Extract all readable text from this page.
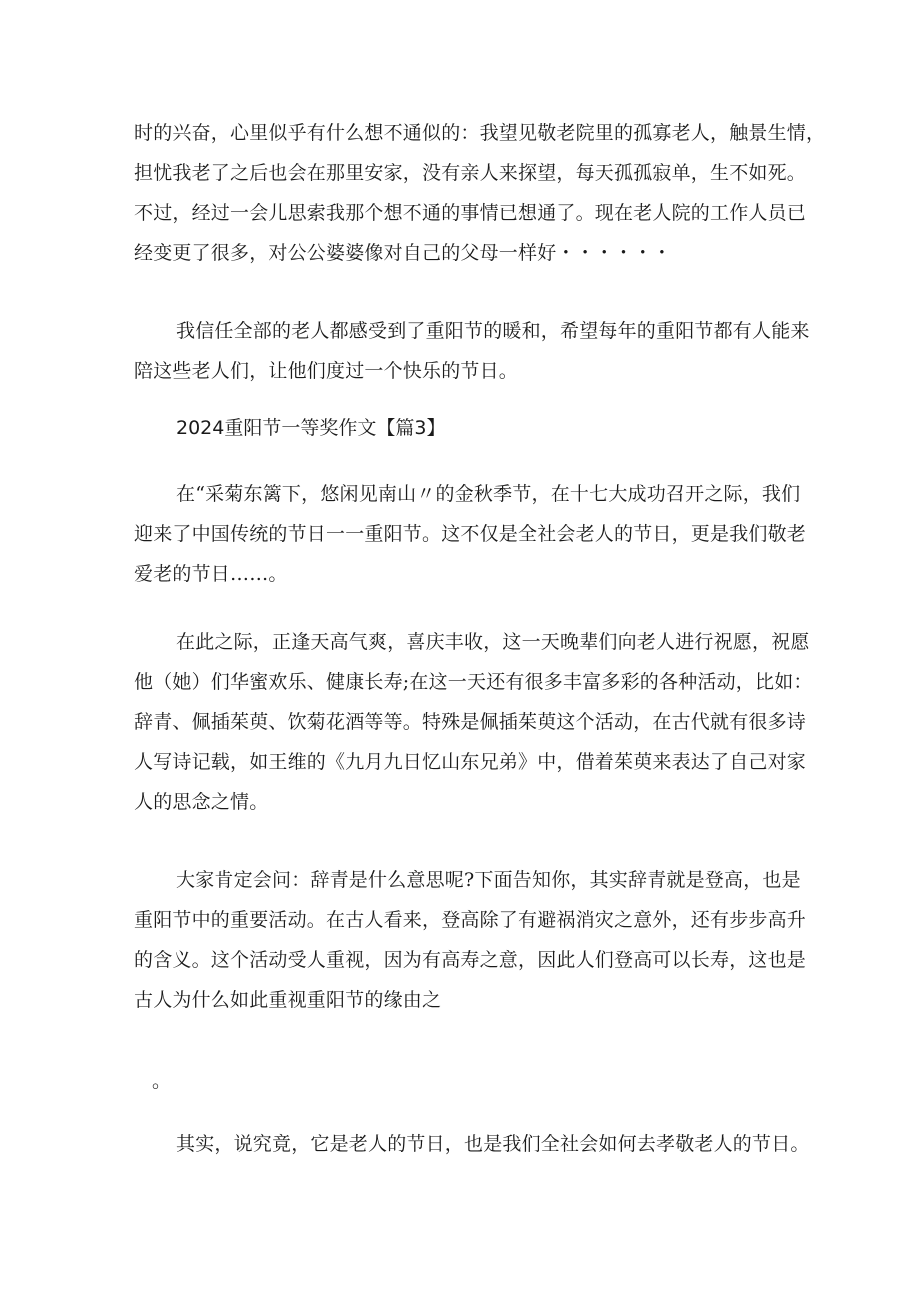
时的兴奋，心里似乎有什么想不通似的：我望见敬老院里的孤寡老人，触景生情，
担忧我老了之后也会在那里安家，没有亲人来探望，每天孤孤寂单，生不如死。
不过，经过一会儿思索我那个想不通的事情已想通了。现在老人院的工作人员已
经变更了很多，对公公婆婆像对自己的父母一样好・・・・・・
我信任全部的老人都感受到了重阳节的暖和，希望每年的重阳节都有人能来
陪这些老人们，让他们度过一个快乐的节日。
2024重阳节一等奖作文【篇3】
在“采菊东篱下，悠闲见南山〃的金秋季节，在十七大成功召开之际，我们
迎来了中国传统的节日一一重阳节。这不仅是全社会老人的节日，更是我们敬老
爱老的节日……。
在此之际，正逢天高气爽，喜庆丰收，这一天晚辈们向老人进行祝愿，祝愿
他（她）们华蜜欢乐、健康长寿;在这一天还有很多丰富多彩的各种活动，比如：
辞青、佩插茱萸、饮菊花酒等等。特殊是佩插茱萸这个活动，在古代就有很多诗
人写诗记载，如王维的《九月九日忆山东兄弟》中，借着茱萸来表达了自己对家
人的思念之情。
大家肯定会问：辞青是什么意思呢?下面告知你，其实辞青就是登高，也是
重阳节中的重要活动。在古人看来，登高除了有避祸消灾之意外，还有步步高升
的含义。这个活动受人重视，因为有高寿之意，因此人们登高可以长寿，这也是
古人为什么如此重视重阳节的缘由之
。
其实，说究竟，它是老人的节日，也是我们全社会如何去孝敬老人的节日。
